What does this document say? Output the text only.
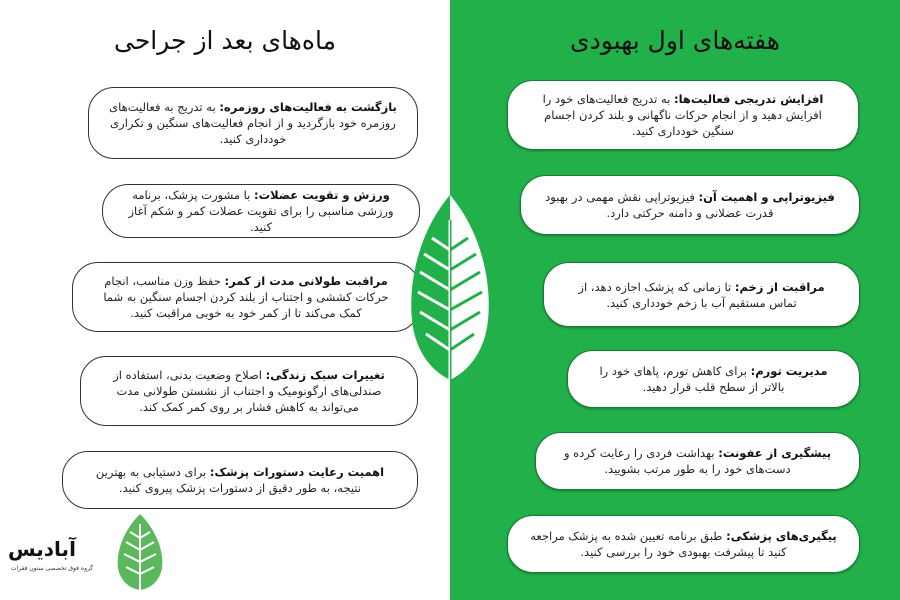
ماه‌های بعد از جراحی	هفته‌های اول بهبودی

بازگشت به فعالیت‌های روزمره: به تدریج به فعالیت‌های روزمره خود بازگردید و از انجام فعالیت‌های سنگین و تکراری خودداری کنید.

ورزش و تقویت عضلات: با مشورت پزشک، برنامه ورزشی مناسبی را برای تقویت عضلات کمر و شکم آغاز کنید.

مراقبت طولانی مدت از کمر: حفظ وزن مناسب، انجام حرکات کششی و اجتناب از بلند کردن اجسام سنگین به شما کمک می‌کند تا از کمر خود به خوبی مراقبت کنید.

تغییرات سبک زندگی: اصلاح وضعیت بدنی، استفاده از صندلی‌های ارگونومیک و اجتناب از نشستن طولانی مدت می‌تواند به کاهش فشار بر روی کمر کمک کند.

اهمیت رعایت دستورات پزشک: برای دستیابی به بهترین نتیجه، به طور دقیق از دستورات پزشک پیروی کنید.

افزایش تدریجی فعالیت‌ها: به تدریج فعالیت‌های خود را افزایش دهید و از انجام حرکات ناگهانی و بلند کردن اجسام سنگین خودداری کنید.

فیزیوتراپی و اهمیت آن: فیزیوتراپی نقش مهمی در بهبود قدرت عضلانی و دامنه حرکتی دارد.

مراقبت از زخم: تا زمانی که پزشک اجازه دهد، از تماس مستقیم آب با زخم خودداری کنید.

مدیریت تورم: برای کاهش تورم، پاهای خود را بالاتر از سطح قلب قرار دهید.

پیشگیری از عفونت: بهداشت فردی را رعایت کرده و دست‌های خود را به طور مرتب بشویید.

پیگیری‌های پزشکی: طبق برنامه تعیین شده به پزشک مراجعه کنید تا پیشرفت بهبودی خود را بررسی کنید.

آبادیس
گروه فوق تخصصی ستون فقرات
